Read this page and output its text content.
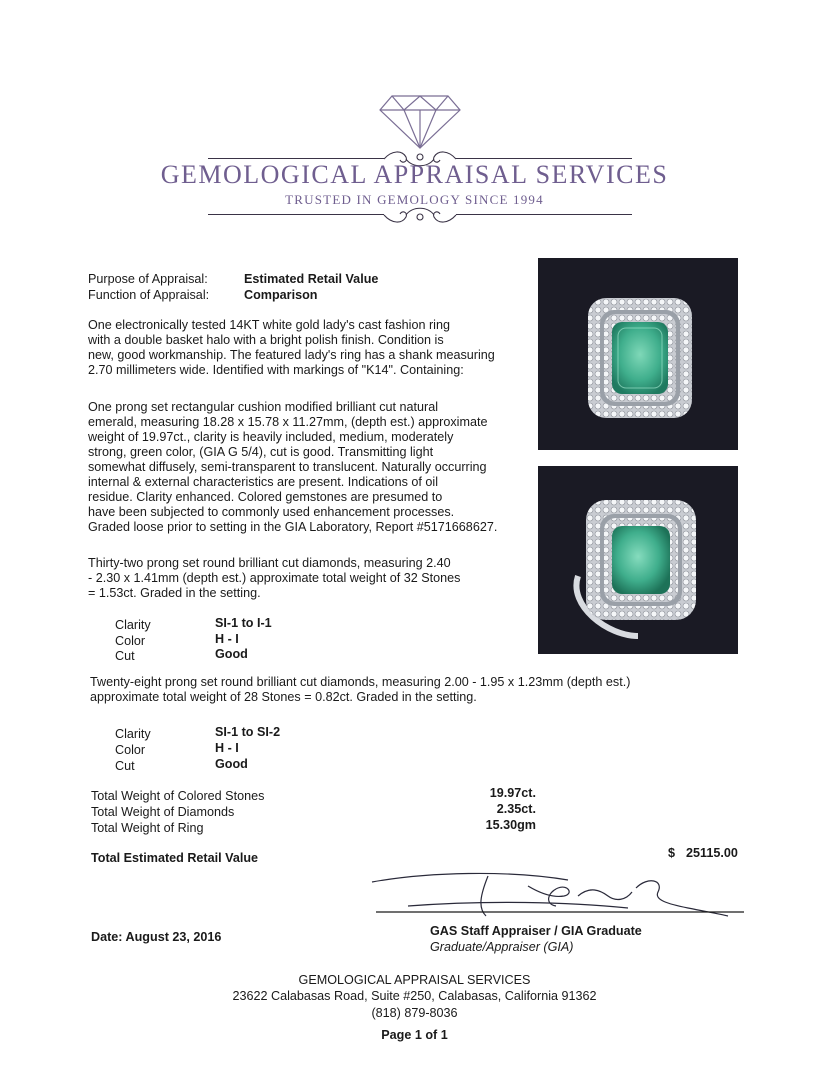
GEMOLOGICAL APPRAISAL SERVICES
TRUSTED IN GEMOLOGY SINCE 1994
Purpose of Appraisal:	Estimated Retail Value
Function of Appraisal:	Comparison
One electronically tested 14KT white gold lady's cast fashion ring
with a double basket halo with a bright polish finish. Condition is
new, good workmanship. The featured lady's ring has a shank measuring
2.70 millimeters wide. Identified with markings of "K14". Containing:
One prong set rectangular cushion modified brilliant cut natural
emerald, measuring 18.28 x 15.78 x 11.27mm, (depth est.) approximate
weight of 19.97ct., clarity is heavily included, medium, moderately
strong, green color, (GIA G 5/4), cut is good. Transmitting light
somewhat diffusely, semi-transparent to translucent. Naturally occurring
internal & external characteristics are present. Indications of oil
residue. Clarity enhanced. Colored gemstones are presumed to
have been subjected to commonly used enhancement processes.
Graded loose prior to setting in the GIA Laboratory, Report #5171668627.
Thirty-two prong set round brilliant cut diamonds, measuring 2.40
- 2.30 x 1.41mm (depth est.) approximate total weight of 32 Stones
= 1.53ct. Graded in the setting.
Clarity	SI-1 to I-1
Color	H - I
Cut	Good
Twenty-eight prong set round brilliant cut diamonds, measuring 2.00 - 1.95 x 1.23mm (depth est.)
approximate total weight of 28 Stones = 0.82ct. Graded in the setting.
Clarity	SI-1 to SI-2
Color	H - I
Cut	Good
Total Weight of Colored Stones	19.97ct.
Total Weight of Diamonds	2.35ct.
Total Weight of Ring	15.30gm
Total Estimated Retail Value	$ 25115.00
Date: August 23, 2016	GAS Staff Appraiser / GIA Graduate
Graduate/Appraiser (GIA)
GEMOLOGICAL APPRAISAL SERVICES
23622 Calabasas Road, Suite #250, Calabasas, California 91362
(818) 879-8036
Page 1 of 1
